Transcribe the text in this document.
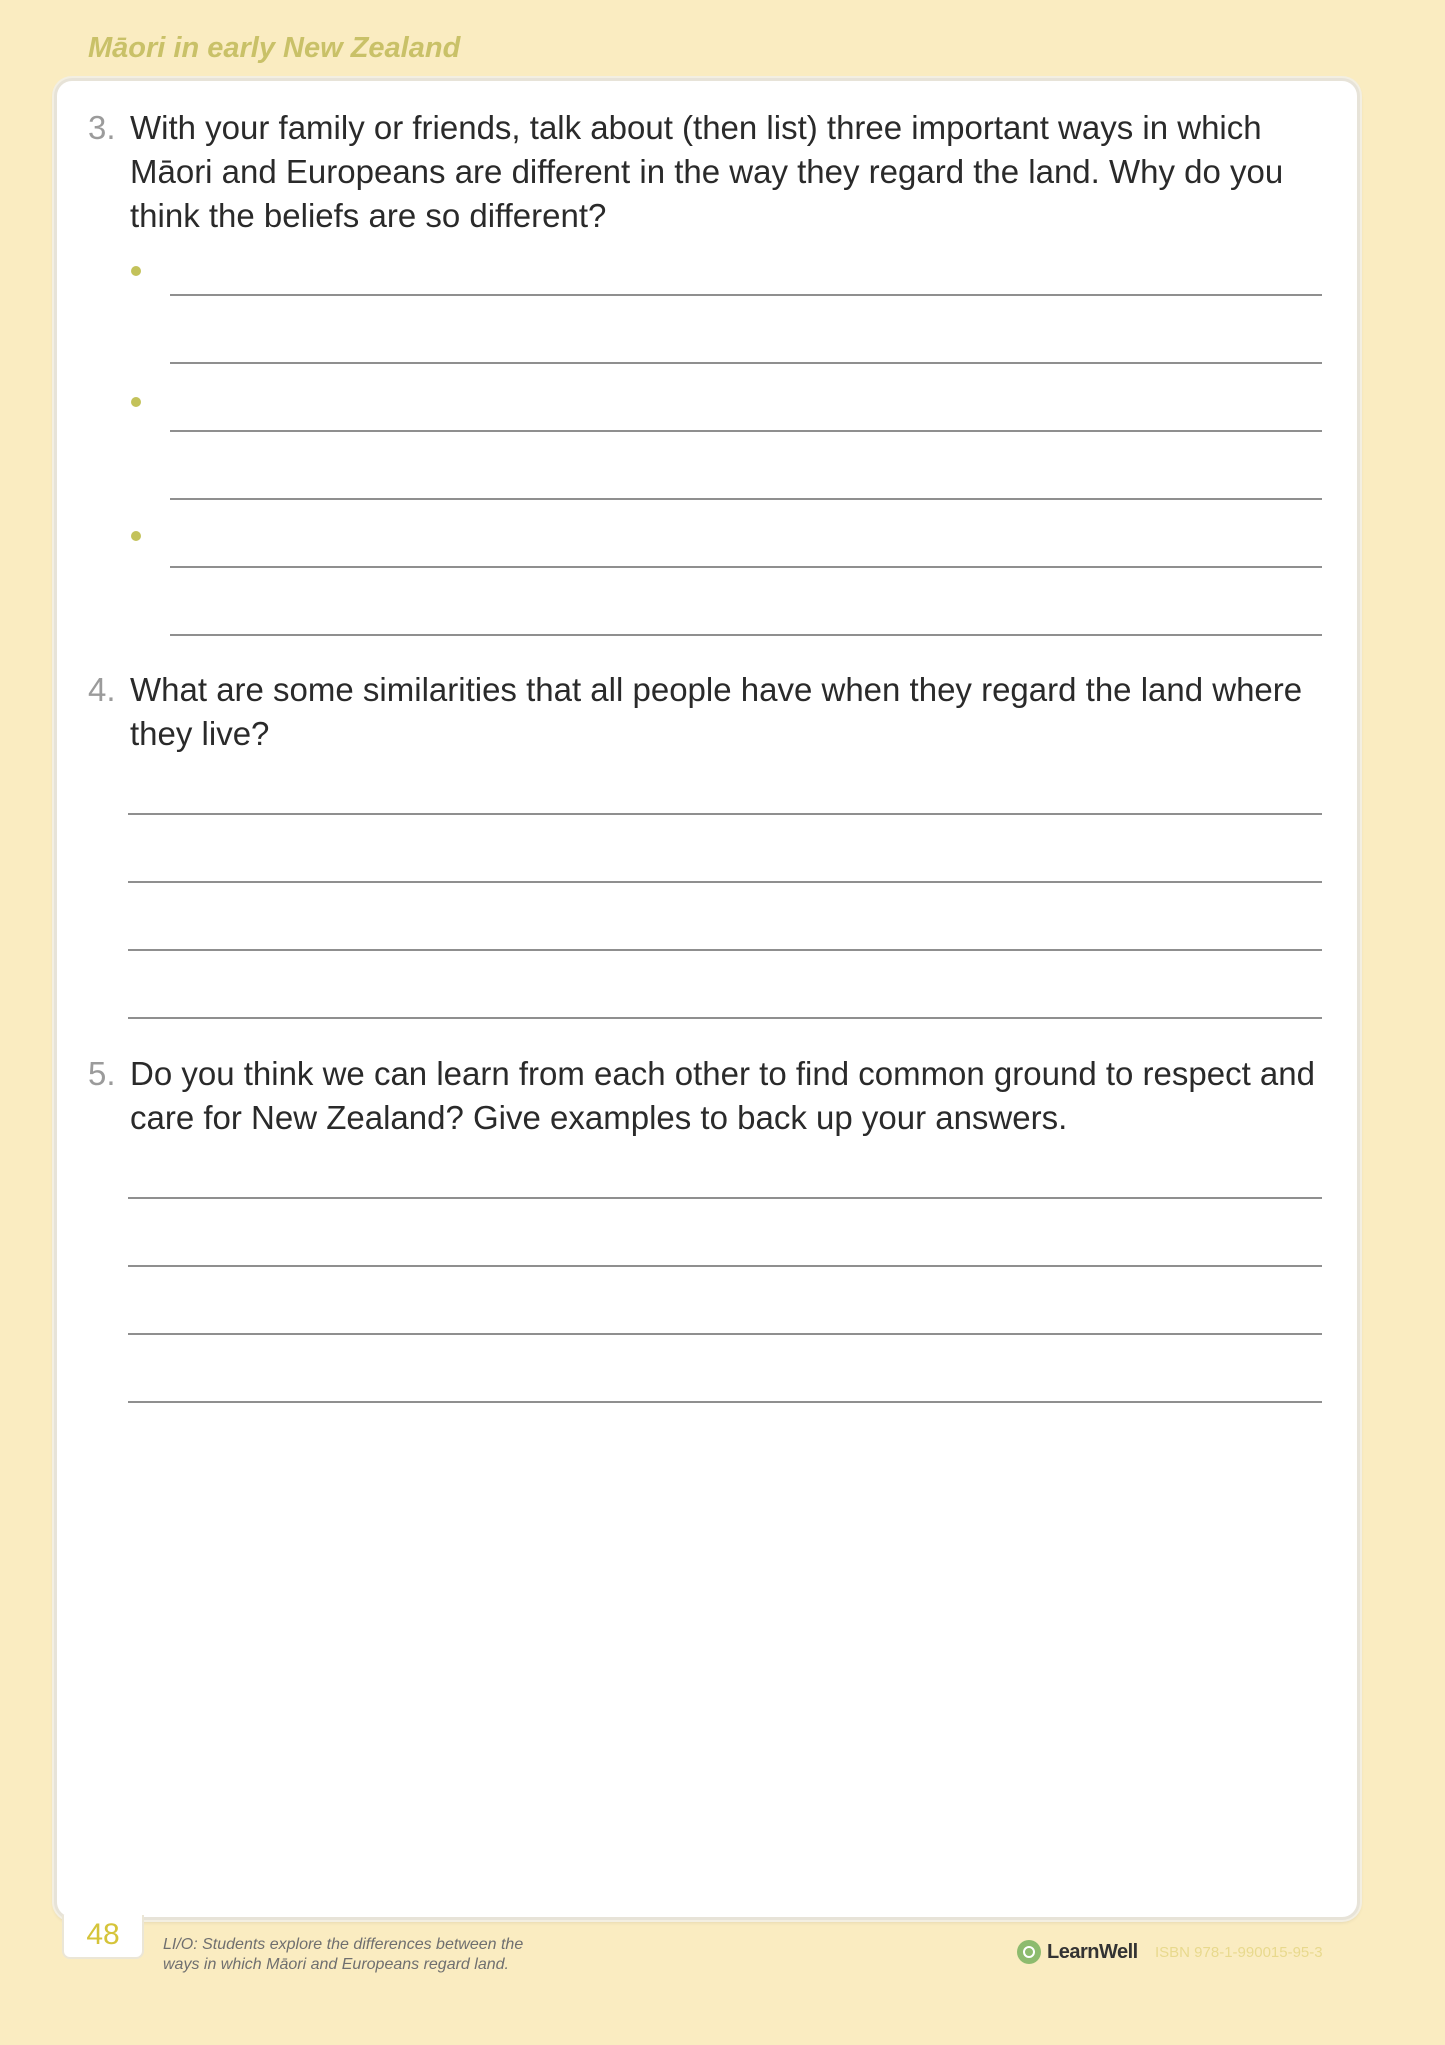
Māori in early New Zealand
3. With your family or friends, talk about (then list) three important ways in which Māori and Europeans are different in the way they regard the land. Why do you think the beliefs are so different?
4. What are some similarities that all people have when they regard the land where they live?
5. Do you think we can learn from each other to find common ground to respect and care for New Zealand? Give examples to back up your answers.
48	LI/O: Students explore the differences between the ways in which Māori and Europeans regard land.
LearnWell ISBN 978-1-990015-95-3
